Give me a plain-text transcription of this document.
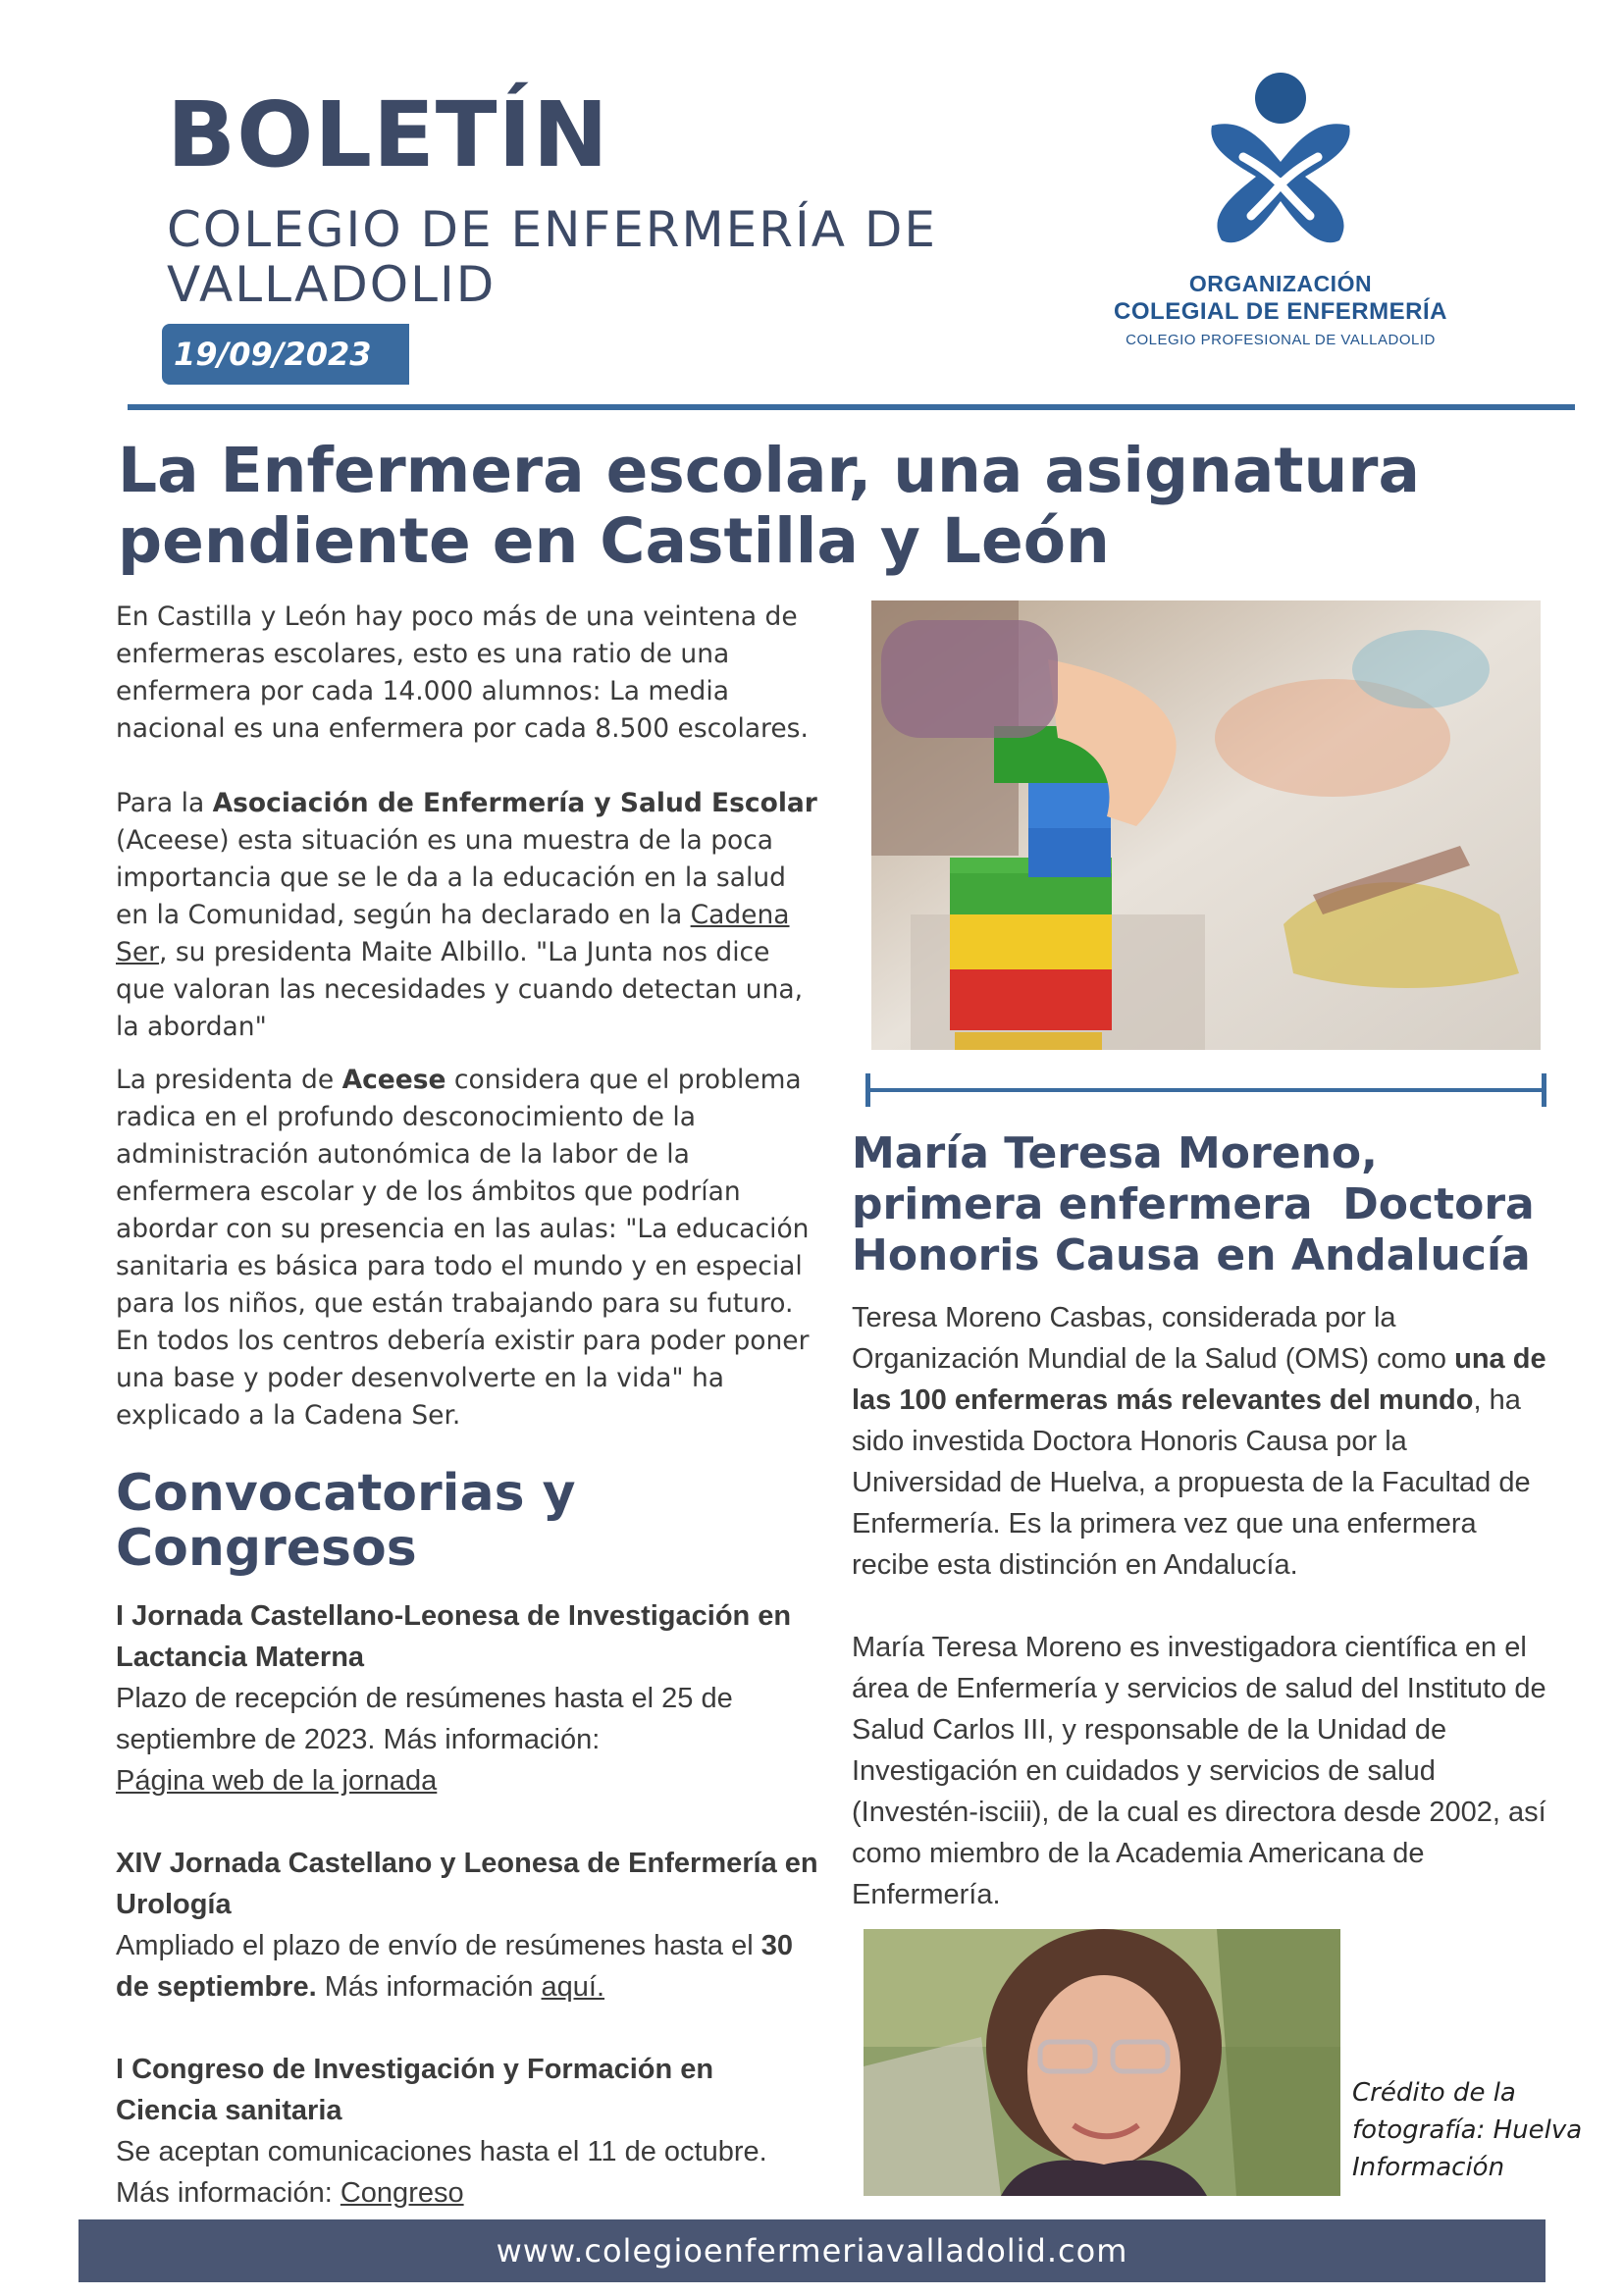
BOLETÍN
COLEGIO DE ENFERMERÍA DE
VALLADOLID
19/09/2023
ORGANIZACIÓN
COLEGIAL DE ENFERMERÍA
COLEGIO PROFESIONAL DE VALLADOLID
La Enfermera escolar, una asignatura
pendiente en Castilla y León

En Castilla y León hay poco más de una veintena de enfermeras escolares, esto es una ratio de una enfermera por cada 14.000 alumnos: La media nacional es una enfermera por cada 8.500 escolares.

Para la Asociación de Enfermería y Salud Escolar (Aceese) esta situación es una muestra de la poca importancia que se le da a la educación en la salud en la Comunidad, según ha declarado en la Cadena Ser, su presidenta Maite Albillo. "La Junta nos dice que valoran las necesidades y cuando detectan una, la abordan"

La presidenta de Aceese considera que el problema radica en el profundo desconocimiento de la administración autonómica de la labor de la enfermera escolar y de los ámbitos que podrían abordar con su presencia en las aulas: "La educación sanitaria es básica para todo el mundo y en especial para los niños, que están trabajando para su futuro. En todos los centros debería existir para poder poner una base y poder desenvolverte en la vida" ha explicado a la Cadena Ser.

María Teresa Moreno,
primera enfermera  Doctora
Honoris Causa en Andalucía

Teresa Moreno Casbas, considerada por la Organización Mundial de la Salud (OMS) como una de las 100 enfermeras más relevantes del mundo, ha sido investida Doctora Honoris Causa por la Universidad de Huelva, a propuesta de la Facultad de Enfermería. Es la primera vez que una enfermera recibe esta distinción en Andalucía.

María Teresa Moreno es investigadora científica en el área de Enfermería y servicios de salud del Instituto de Salud Carlos III, y responsable de la Unidad de Investigación en cuidados y servicios de salud (Investén-isciii), de la cual es directora desde 2002, así como miembro de la Academia Americana de Enfermería.

Crédito de la fotografía: Huelva Información
Convocatorias y
Congresos
I Jornada Castellano-Leonesa de Investigación en Lactancia Materna
Plazo de recepción de resúmenes hasta el 25 de septiembre de 2023. Más información:
Página web de la jornada
XIV Jornada Castellano y Leonesa de Enfermería en Urología
Ampliado el plazo de envío de resúmenes hasta el 30 de septiembre. Más información aquí.
I Congreso de Investigación y Formación en Ciencia sanitaria
Se aceptan comunicaciones hasta el 11 de octubre. Más información: Congreso
www.colegioenfermeriavalladolid.com
